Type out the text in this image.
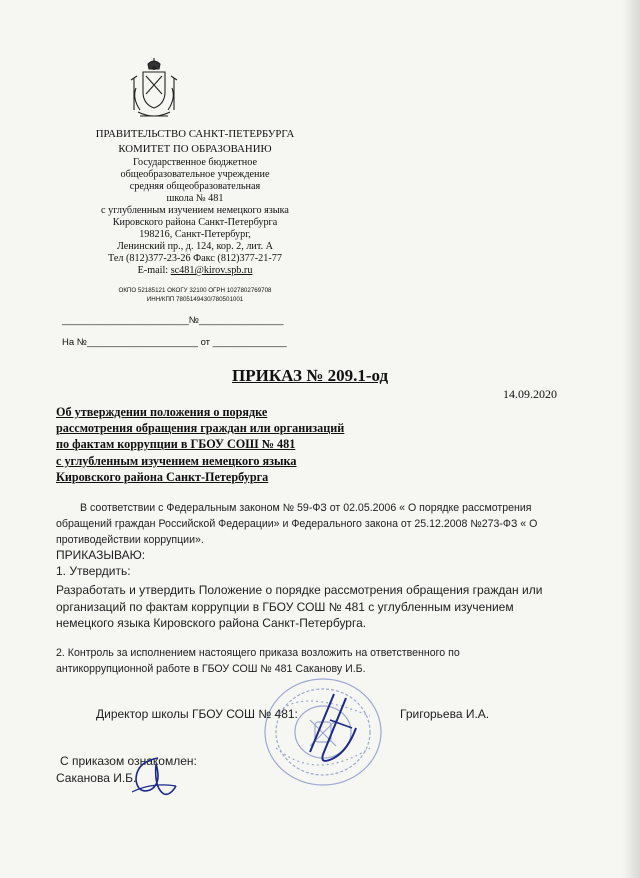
ПРАВИТЕЛЬСТВО САНКТ-ПЕТЕРБУРГА
КОМИТЕТ ПО ОБРАЗОВАНИЮ
Государственное бюджетное
общеобразовательное учреждение
средняя общеобразовательная
школа № 481
с углубленным изучением немецкого языка
Кировского района Санкт-Петербурга
198216, Санкт-Петербург,
Ленинский пр., д. 124, кор. 2, лит. А
Тел (812)377-23-26 Факс (812)377-21-77
E-mail: sc481@kirov.spb.ru
ОКПО 52185121 ОКОГУ 32100 ОГРН 1027802769708
ИНН/КПП 7805149430/780501001
________________________№________________
На №_____________________ от ______________
ПРИКАЗ № 209.1-од
14.09.2020
Об утверждении положения о порядке
рассмотрения обращения граждан или организаций
по фактам коррупции в ГБОУ СОШ № 481
с углубленным изучением немецкого языка
Кировского района Санкт-Петербурга
В соответствии с Федеральным законом № 59-ФЗ от 02.05.2006 « О порядке рассмотрения
обращений граждан Российской Федерации» и Федерального закона от 25.12.2008 №273-ФЗ « О
противодействии коррупции».
ПРИКАЗЫВАЮ:
1. Утвердить:
Разработать и утвердить Положение о порядке рассмотрения обращения граждан или
организаций по фактам коррупции в ГБОУ СОШ № 481 с углубленным изучением
немецкого языка Кировского района Санкт-Петербурга.
2. Контроль за исполнением настоящего приказа возложить на ответственного по
антикоррупционной работе в ГБОУ СОШ № 481 Саканову И.Б.
Директор школы ГБОУ СОШ № 481:	Григорьева И.А.
С приказом ознакомлен:
Саканова И.Б.
